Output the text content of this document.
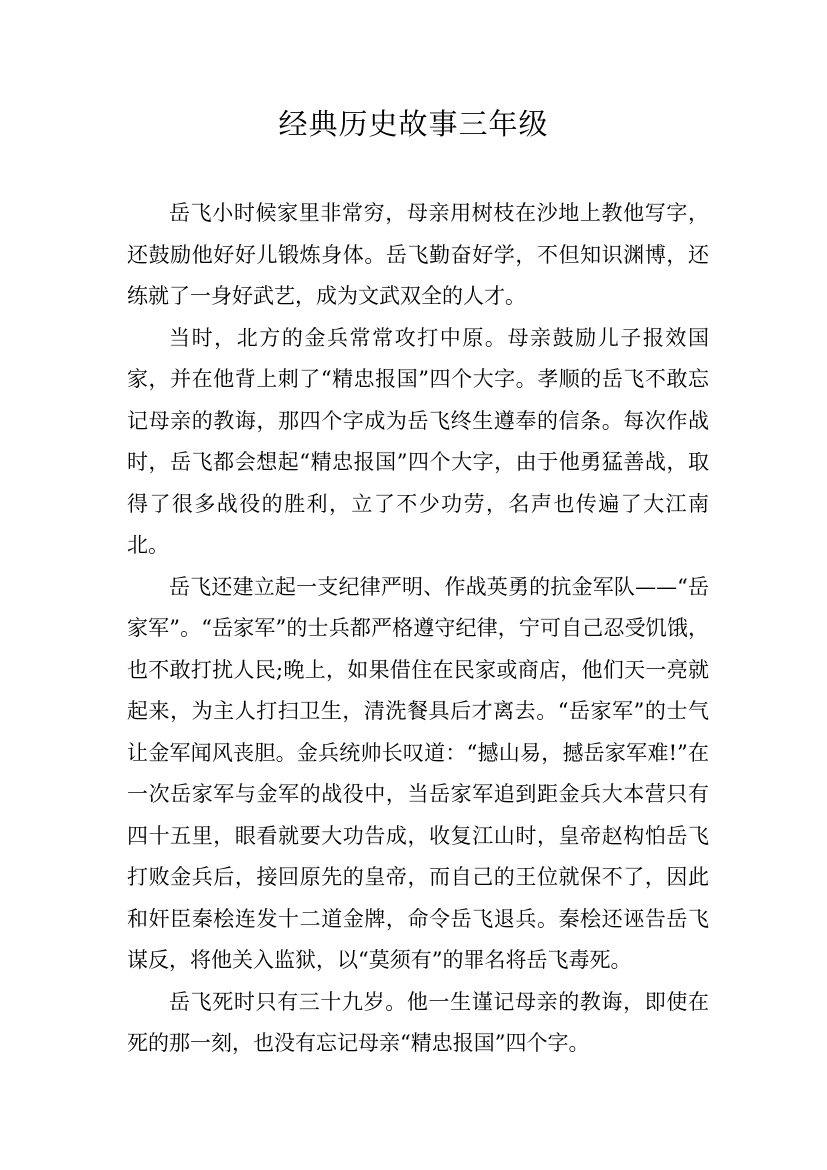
经典历史故事三年级

岳飞小时候家里非常穷，母亲用树枝在沙地上教他写字，还鼓励他好好儿锻炼身体。岳飞勤奋好学，不但知识渊博，还练就了一身好武艺，成为文武双全的人才。

当时，北方的金兵常常攻打中原。母亲鼓励儿子报效国家，并在他背上刺了“精忠报国”四个大字。孝顺的岳飞不敢忘记母亲的教诲，那四个字成为岳飞终生遵奉的信条。每次作战时，岳飞都会想起“精忠报国”四个大字，由于他勇猛善战，取得了很多战役的胜利，立了不少功劳，名声也传遍了大江南北。

岳飞还建立起一支纪律严明、作战英勇的抗金军队——“岳家军”。“岳家军”的士兵都严格遵守纪律，宁可自己忍受饥饿，也不敢打扰人民;晚上，如果借住在民家或商店，他们天一亮就起来，为主人打扫卫生，清洗餐具后才离去。“岳家军”的士气让金军闻风丧胆。金兵统帅长叹道：“撼山易，撼岳家军难!”在一次岳家军与金军的战役中，当岳家军追到距金兵大本营只有四十五里，眼看就要大功告成，收复江山时，皇帝赵构怕岳飞打败金兵后，接回原先的皇帝，而自己的王位就保不了，因此和奸臣秦桧连发十二道金牌，命令岳飞退兵。秦桧还诬告岳飞谋反，将他关入监狱，以“莫须有”的罪名将岳飞毒死。

岳飞死时只有三十九岁。他一生谨记母亲的教诲，即使在死的那一刻，也没有忘记母亲“精忠报国”四个字。
